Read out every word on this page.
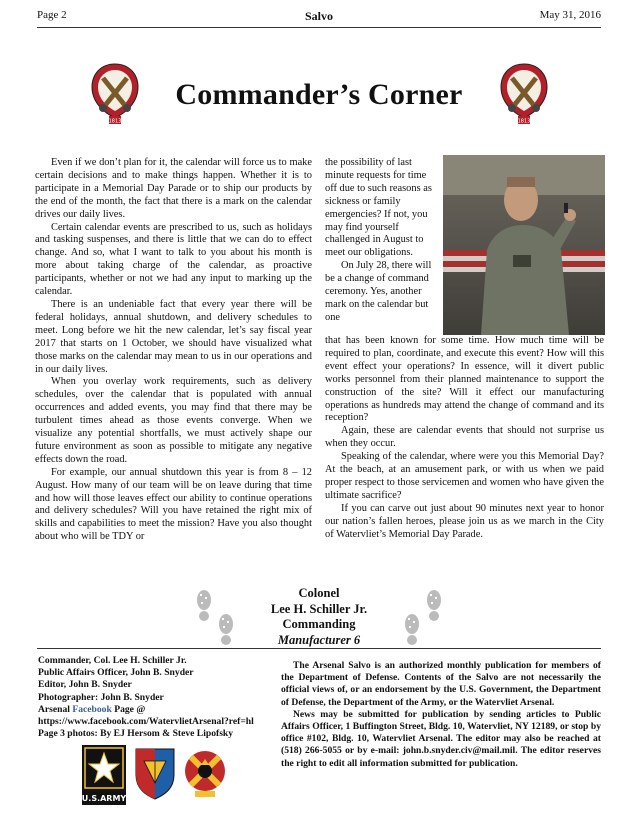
Page 2	Salvo	May 31, 2016
1813	1813
Commander’s Corner

Even if we don’t plan for it, the calendar will force us to make certain decisions and to make things happen. Whether it is to participate in a Memorial Day Parade or to ship our products by the end of the month, the fact that there is a mark on the calendar drives our daily lives.

Certain calendar events are prescribed to us, such as holidays and tasking suspenses, and there is little that we can do to effect change. And so, what I want to talk to you about his month is more about taking charge of the calendar, as proactive participants, whether or not we had any input to marking up the calendar.

There is an undeniable fact that every year there will be federal holidays, annual shutdown, and delivery schedules to meet. Long before we hit the new calendar, let’s say fiscal year 2017 that starts on 1 October, we should have visualized what those marks on the calendar may mean to us in our operations and in our daily lives.

When you overlay work requirements, such as delivery schedules, over the calendar that is populated with annual occurrences and added events, you may find that there may be turbulent times ahead as those events converge. When we visualize any potential shortfalls, we must actively shape our future environment as soon as possible to mitigate any negative effects down the road.

For example, our annual shutdown this year is from 8 – 12 August. How many of our team will be on leave during that time and how will those leaves effect our ability to continue operations and delivery schedules? Will you have retained the right mix of skills and capabilities to meet the mission? Have you also thought about who will be TDY or

the possibility of last minute requests for time off due to such reasons as sickness or family emergencies? If not, you may find yourself challenged in August to meet our obligations.

On July 28, there will be a change of command ceremony. Yes, another mark on the calendar but one

that has been known for some time. How much time will be required to plan, coordinate, and execute this event? How will this event effect your operations? In essence, will it divert public works personnel from their planned maintenance to support the construction of the site? Will it effect our manufacturing operations as hundreds may attend the change of command and its reception?

Again, these are calendar events that should not surprise us when they occur.

Speaking of the calendar, where were you this Memorial Day? At the beach, at an amusement park, or with us when we paid proper respect to those servicemen and women who have given the ultimate sacrifice?

If you can carve out just about 90 minutes next year to honor our nation’s fallen heroes, please join us as we march in the City of Watervliet’s Memorial Day Parade.

Colonel
Lee H. Schiller Jr.
Commanding
Manufacturer 6
Commander, Col. Lee H. Schiller Jr.
Public Affairs Officer, John B. Snyder
Editor, John B. Snyder
Photographer: John B. Snyder
Arsenal Facebook Page @
https://www.facebook.com/WatervlietArsenal?ref=hl
Page 3 photos: By EJ Hersom & Steve Lipofsky

The Arsenal Salvo is an authorized monthly publication for members of the Department of Defense. Contents of the Salvo are not necessarily the official views of, or an endorsement by the U.S. Government, the Department of Defense, the Department of the Army, or the Watervliet Arsenal.

News may be submitted for publication by sending articles to Public Affairs Officer, 1 Buffington Street, Bldg. 10, Watervliet, NY 12189, or stop by office #102, Bldg. 10, Watervliet Arsenal. The editor may also be reached at (518) 266-5055 or by e-mail: john.b.snyder.civ@mail.mil. The editor reserves the right to edit all information submitted for publication.

U.S.ARMY
